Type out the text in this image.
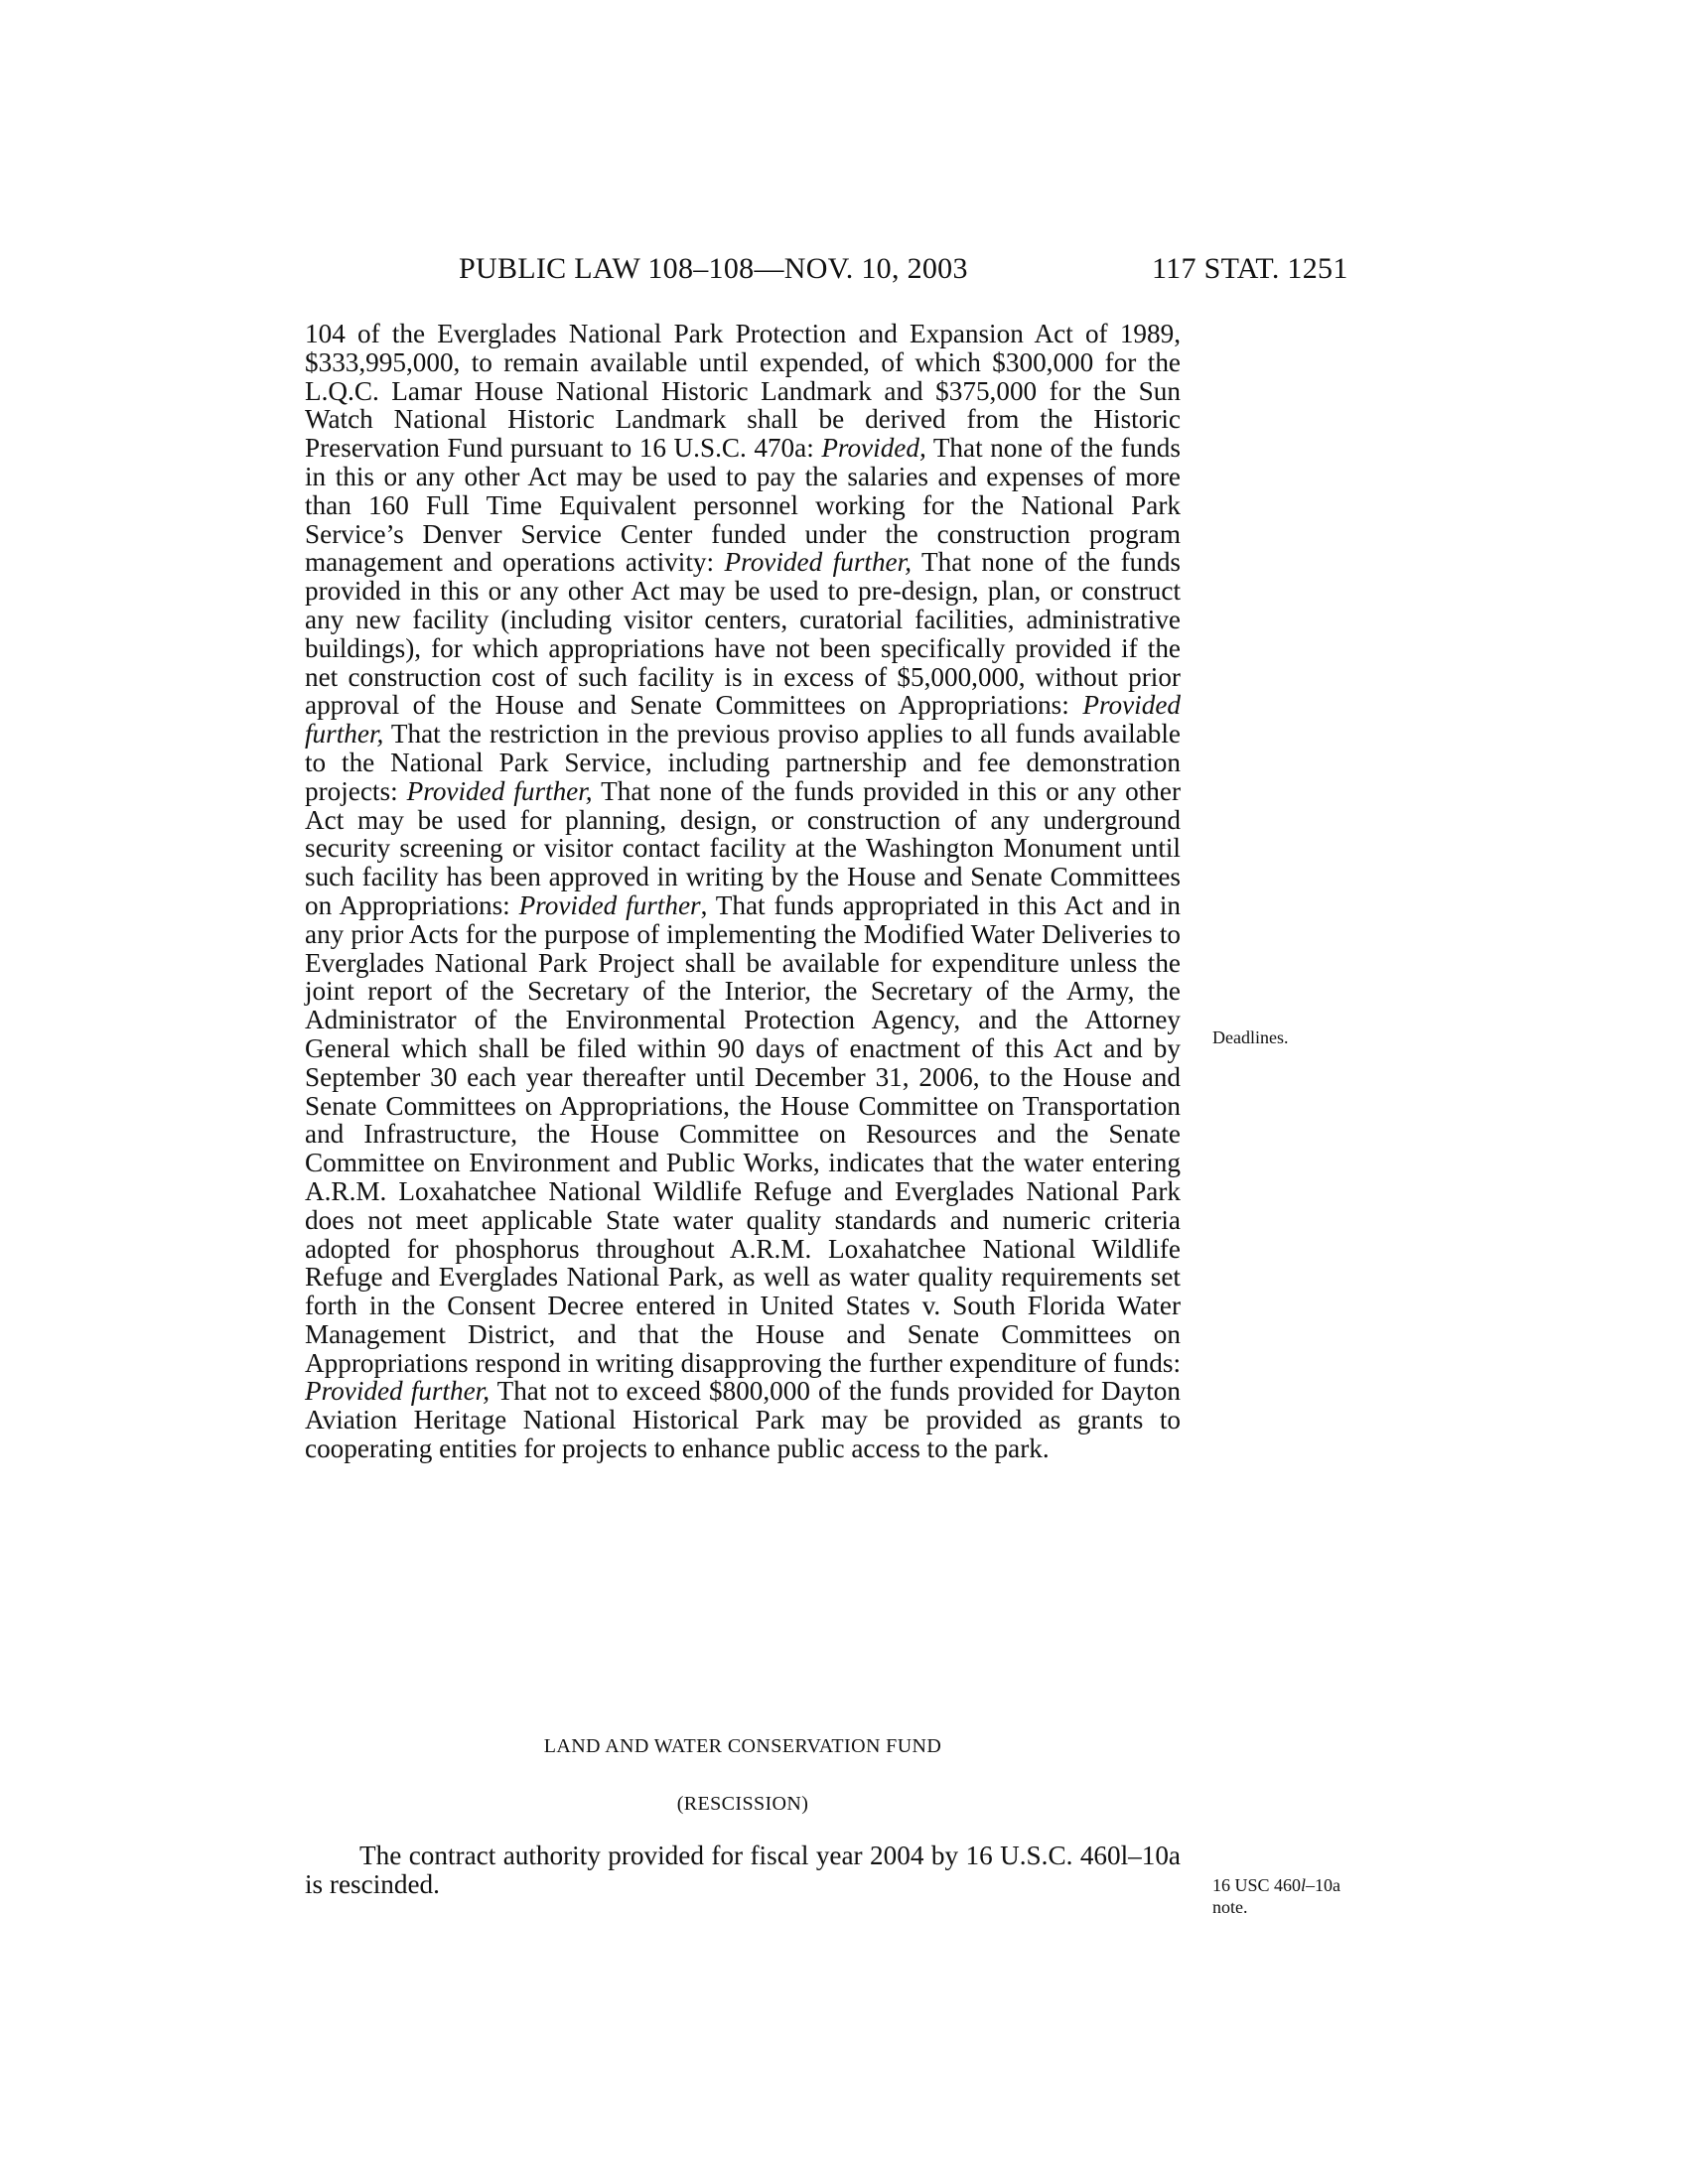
PUBLIC LAW 108–108—NOV. 10, 2003	117 STAT. 1251

104 of the Everglades National Park Protection and Expansion Act of 1989, $333,995,000, to remain available until expended, of which $300,000 for the L.Q.C. Lamar House National Historic Landmark and $375,000 for the Sun Watch National Historic Landmark shall be derived from the Historic Preservation Fund pursuant to 16 U.S.C. 470a: Provided, That none of the funds in this or any other Act may be used to pay the salaries and expenses of more than 160 Full Time Equivalent personnel working for the National Park Service’s Denver Service Center funded under the construction program management and operations activity: Provided further, That none of the funds provided in this or any other Act may be used to pre-design, plan, or construct any new facility (including visitor centers, curatorial facilities, administrative buildings), for which appropriations have not been specifically provided if the net construction cost of such facility is in excess of $5,000,000, without prior approval of the House and Senate Committees on Appropriations: Provided further, That the restriction in the previous proviso applies to all funds available to the National Park Service, including partnership and fee demonstration projects: Provided further, That none of the funds provided in this or any other Act may be used for planning, design, or construction of any underground security screening or visitor contact facility at the Washington Monument until such facility has been approved in writing by the House and Senate Committees on Appropriations: Provided further, That funds appropriated in this Act and in any prior Acts for the purpose of implementing the Modified Water Deliveries to Everglades National Park Project shall be available for expenditure unless the joint report of the Secretary of the Interior, the Secretary of the Army, the Administrator of the Environmental Protection Agency, and the Attorney General which shall be filed within 90 days of enactment of this Act and by September 30 each year thereafter until December 31, 2006, to the House and Senate Committees on Appropriations, the House Committee on Transportation and Infrastructure, the House Committee on Resources and the Senate Committee on Environment and Public Works, indicates that the water entering A.R.M. Loxahatchee National Wildlife Refuge and Everglades National Park does not meet applicable State water quality standards and numeric criteria adopted for phosphorus throughout A.R.M. Loxahatchee National Wildlife Refuge and Everglades National Park, as well as water quality requirements set forth in the Consent Decree entered in United States v. South Florida Water Management District, and that the House and Senate Committees on Appropriations respond in writing disapproving the further expenditure of funds: Provided further, That not to exceed $800,000 of the funds provided for Dayton Aviation Heritage National Historical Park may be provided as grants to cooperating entities for projects to enhance public access to the park.

Deadlines.
LAND AND WATER CONSERVATION FUND
(RESCISSION)
The contract authority provided for fiscal year 2004 by 16 U.S.C. 460l–10a is rescinded.	16 USC 460l–10a
note.
